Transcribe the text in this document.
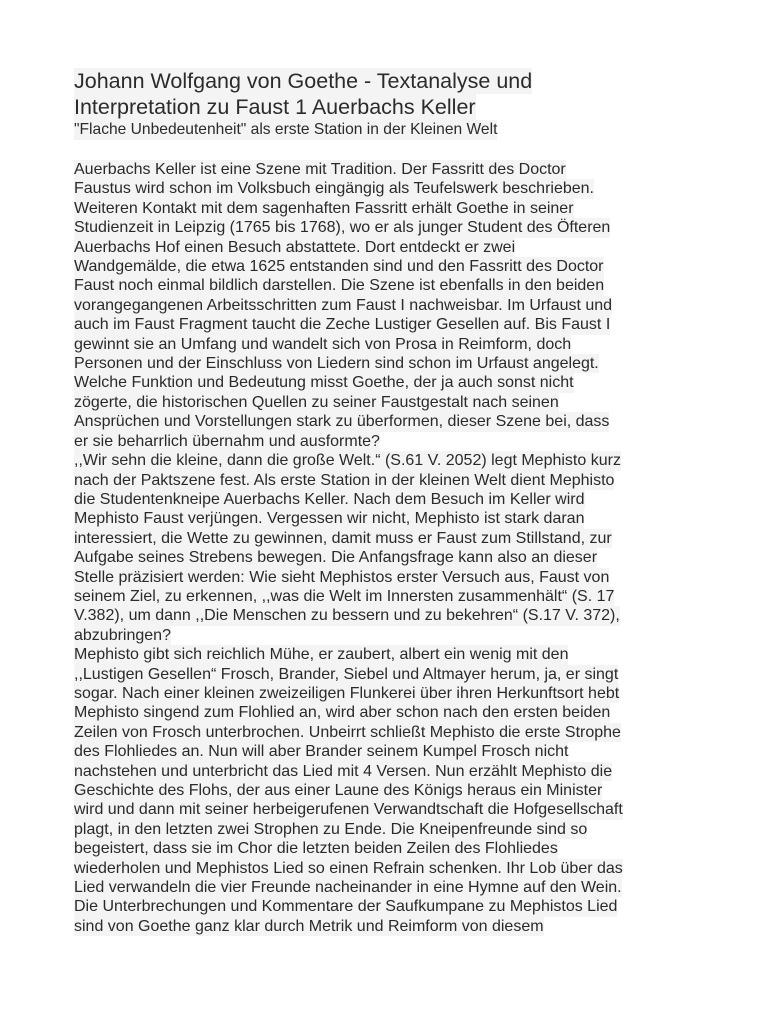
Johann Wolfgang von Goethe - Textanalyse und
Interpretation zu Faust 1 Auerbachs Keller
"Flache Unbedeutenheit" als erste Station in der Kleinen Welt
Auerbachs Keller ist eine Szene mit Tradition. Der Fassritt des Doctor
Faustus wird schon im Volksbuch eingängig als Teufelswerk beschrieben.
Weiteren Kontakt mit dem sagenhaften Fassritt erhält Goethe in seiner
Studienzeit in Leipzig (1765 bis 1768), wo er als junger Student des Öfteren
Auerbachs Hof einen Besuch abstattete. Dort entdeckt er zwei
Wandgemälde, die etwa 1625 entstanden sind und den Fassritt des Doctor
Faust noch einmal bildlich darstellen. Die Szene ist ebenfalls in den beiden
vorangegangenen Arbeitsschritten zum Faust I nachweisbar. Im Urfaust und
auch im Faust Fragment taucht die Zeche Lustiger Gesellen auf. Bis Faust I
gewinnt sie an Umfang und wandelt sich von Prosa in Reimform, doch
Personen und der Einschluss von Liedern sind schon im Urfaust angelegt.
Welche Funktion und Bedeutung misst Goethe, der ja auch sonst nicht
zögerte, die historischen Quellen zu seiner Faustgestalt nach seinen
Ansprüchen und Vorstellungen stark zu überformen, dieser Szene bei, dass
er sie beharrlich übernahm und ausformte?
,,Wir sehn die kleine, dann die große Welt.“ (S.61 V. 2052) legt Mephisto kurz
nach der Paktszene fest. Als erste Station in der kleinen Welt dient Mephisto
die Studentenkneipe Auerbachs Keller. Nach dem Besuch im Keller wird
Mephisto Faust verjüngen. Vergessen wir nicht, Mephisto ist stark daran
interessiert, die Wette zu gewinnen, damit muss er Faust zum Stillstand, zur
Aufgabe seines Strebens bewegen. Die Anfangsfrage kann also an dieser
Stelle präzisiert werden: Wie sieht Mephistos erster Versuch aus, Faust von
seinem Ziel, zu erkennen, ,,was die Welt im Innersten zusammenhält“ (S. 17
V.382), um dann ,,Die Menschen zu bessern und zu bekehren“ (S.17 V. 372),
abzubringen?
Mephisto gibt sich reichlich Mühe, er zaubert, albert ein wenig mit den
,,Lustigen Gesellen“ Frosch, Brander, Siebel und Altmayer herum, ja, er singt
sogar. Nach einer kleinen zweizeiligen Flunkerei über ihren Herkunftsort hebt
Mephisto singend zum Flohlied an, wird aber schon nach den ersten beiden
Zeilen von Frosch unterbrochen. Unbeirrt schließt Mephisto die erste Strophe
des Flohliedes an. Nun will aber Brander seinem Kumpel Frosch nicht
nachstehen und unterbricht das Lied mit 4 Versen. Nun erzählt Mephisto die
Geschichte des Flohs, der aus einer Laune des Königs heraus ein Minister
wird und dann mit seiner herbeigerufenen Verwandtschaft die Hofgesellschaft
plagt, in den letzten zwei Strophen zu Ende. Die Kneipenfreunde sind so
begeistert, dass sie im Chor die letzten beiden Zeilen des Flohliedes
wiederholen und Mephistos Lied so einen Refrain schenken. Ihr Lob über das
Lied verwandeln die vier Freunde nacheinander in eine Hymne auf den Wein.
Die Unterbrechungen und Kommentare der Saufkumpane zu Mephistos Lied
sind von Goethe ganz klar durch Metrik und Reimform von diesem
